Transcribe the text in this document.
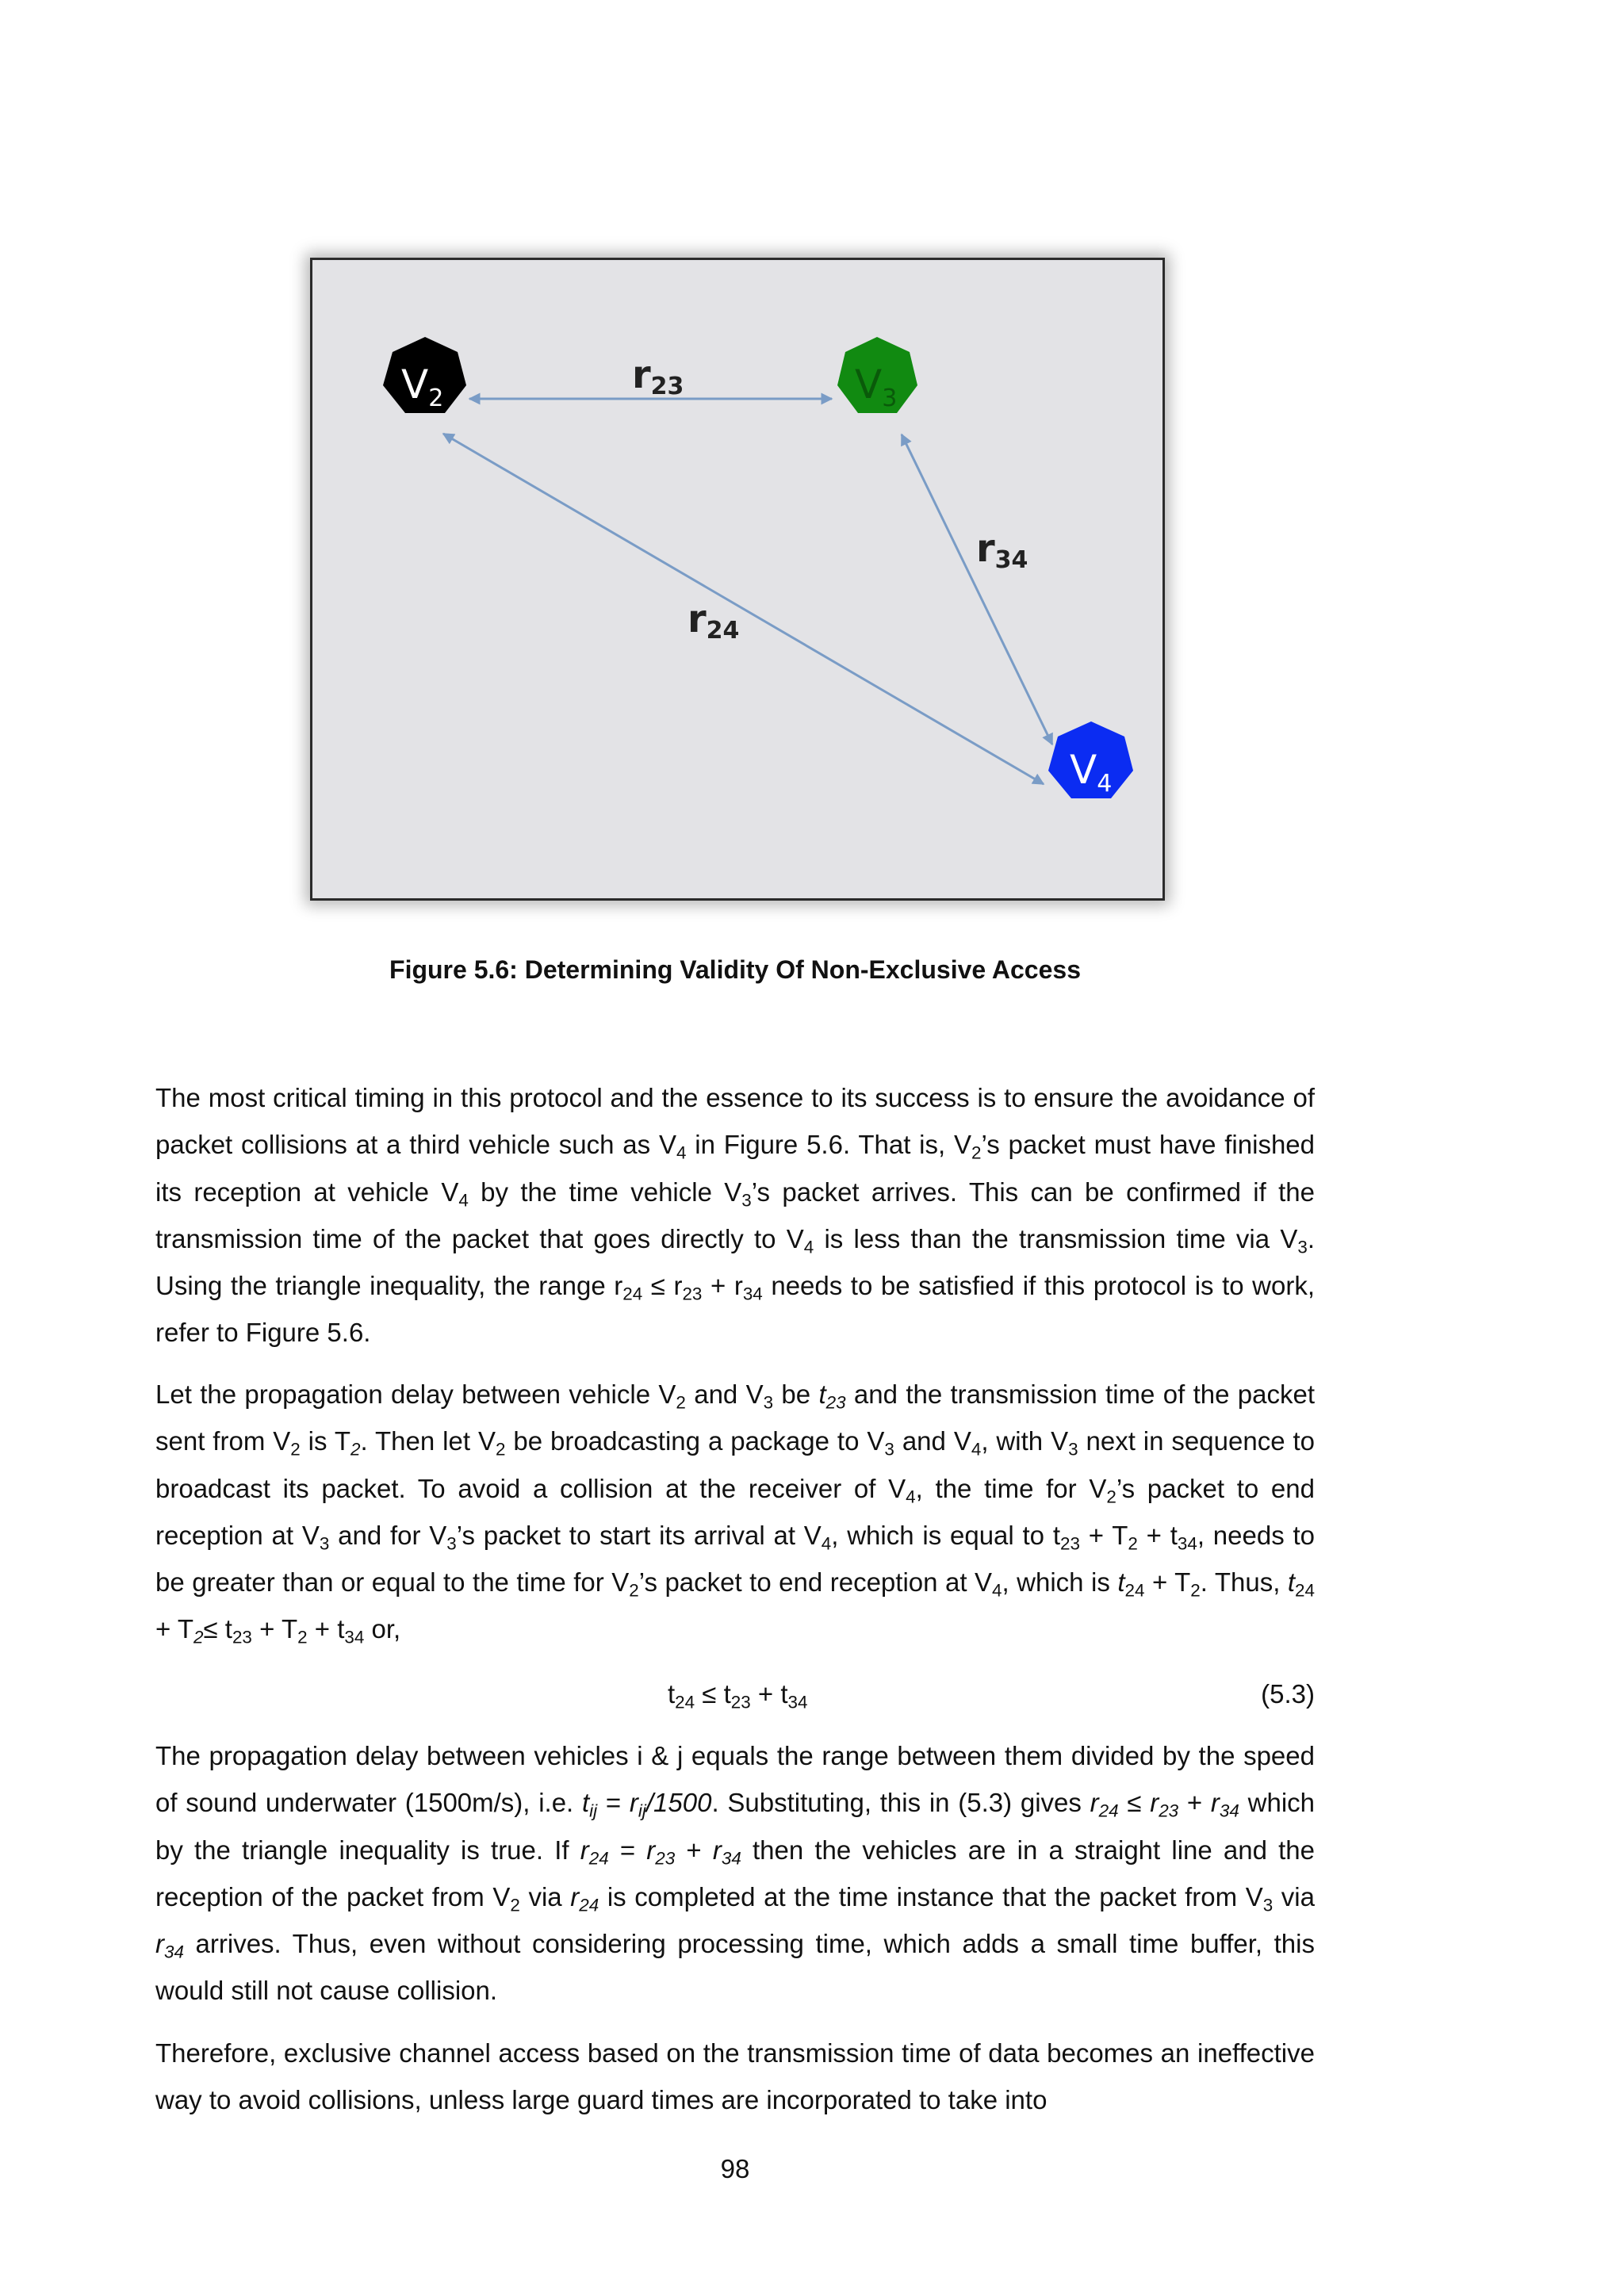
$V_2$	$V_3$
$V_4$
r23
r34
r24
Figure 5.6: Determining Validity Of Non-Exclusive Access

The most critical timing in this protocol and the essence to its success is to ensure the avoidance of packet collisions at a third vehicle such as $V_4$ in Figure 5.6. That is, $V_2’s$ packet must have finished its reception at vehicle $V_4$ by the time vehicle $V_3’s$ packet arrives. This can be confirmed if the transmission time of the packet that goes directly to $V_4$ is less than the transmission time via $V_3$. Using the triangle inequality, the range $r_{24} \le r_{23} + r_{34}$ needs to be satisfied if this protocol is to work, refer to Figure 5.6.

Let the propagation delay between vehicle $V_2$ and $V_3$ be $t_{23}$ and the transmission time of the packet sent from $V_2$ is $T_2$. Then let $V_2$ be broadcasting a package to $V_3$ and $V_4$, with $V_3$ next in sequence to broadcast its packet. To avoid a collision at the receiver of $V_4$, the time for $V_2’s$ packet to end reception at $V_3$ and for $V_3’s$ packet to start its arrival at $V_4$, which is equal to $t_{23} + T_2 + t_{34}$, needs to be greater than or equal to the time for $V_2’s$ packet to end reception at $V_4$, which is $t_{24} + T_2$. Thus, $t_{24} + T_2\le t_{23} + T_2 + t_{34}$ or,

$t_{24} \le t_{23} + t_{34}$	(5.3)

The propagation delay between vehicles i & j equals the range between them divided by the speed of sound underwater (1500m/s), i.e. $t_{ij} = r_{ij}/1500$. Substituting, this in (5.3) gives $r_{24} \le r_{23} + r_{34}$ which by the triangle inequality is true. If $r_{24} = r_{23} + r_{34}$ then the vehicles are in a straight line and the reception of the packet from $V_2$ via $r_{24}$ is completed at the time instance that the packet from $V_3$ via $r_{34}$ arrives. Thus, even without considering processing time, which adds a small time buffer, this would still not cause collision.

Therefore, exclusive channel access based on the transmission time of data becomes an ineffective way to avoid collisions, unless large guard times are incorporated to take into

98
